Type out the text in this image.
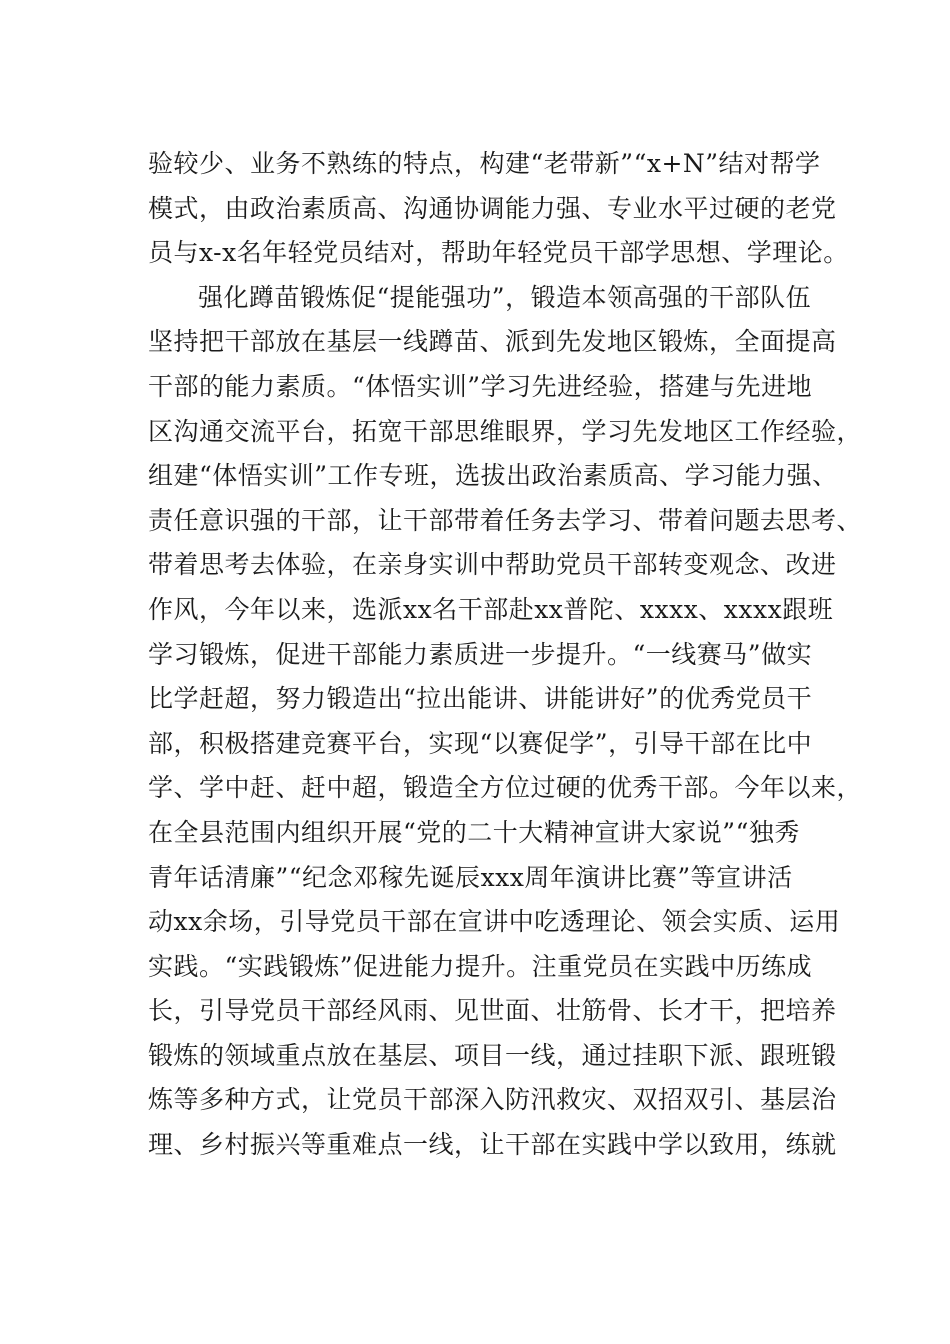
验较少、业务不熟练的特点，构建“老带新”“x+N”结对帮学
模式，由政治素质高、沟通协调能力强、专业水平过硬的老党
员与x-x名年轻党员结对，帮助年轻党员干部学思想、学理论。
强化蹲苗锻炼促“提能强功”，锻造本领高强的干部队伍
坚持把干部放在基层一线蹲苗、派到先发地区锻炼，全面提高
干部的能力素质。“体悟实训”学习先进经验，搭建与先进地
区沟通交流平台，拓宽干部思维眼界，学习先发地区工作经验，
组建“体悟实训”工作专班，选拔出政治素质高、学习能力强、
责任意识强的干部，让干部带着任务去学习、带着问题去思考、
带着思考去体验，在亲身实训中帮助党员干部转变观念、改进
作风，今年以来，选派xx名干部赴xx普陀、xxxx、xxxx跟班
学习锻炼，促进干部能力素质进一步提升。“一线赛马”做实
比学赶超，努力锻造出“拉出能讲、讲能讲好”的优秀党员干
部，积极搭建竞赛平台，实现“以赛促学”，引导干部在比中
学、学中赶、赶中超，锻造全方位过硬的优秀干部。今年以来，
在全县范围内组织开展“党的二十大精神宣讲大家说”“独秀
青年话清廉”“纪念邓稼先诞辰xxx周年演讲比赛”等宣讲活
动xx余场，引导党员干部在宣讲中吃透理论、领会实质、运用
实践。“实践锻炼”促进能力提升。注重党员在实践中历练成
长，引导党员干部经风雨、见世面、壮筋骨、长才干，把培养
锻炼的领域重点放在基层、项目一线，通过挂职下派、跟班锻
炼等多种方式，让党员干部深入防汛救灾、双招双引、基层治
理、乡村振兴等重难点一线，让干部在实践中学以致用，练就
